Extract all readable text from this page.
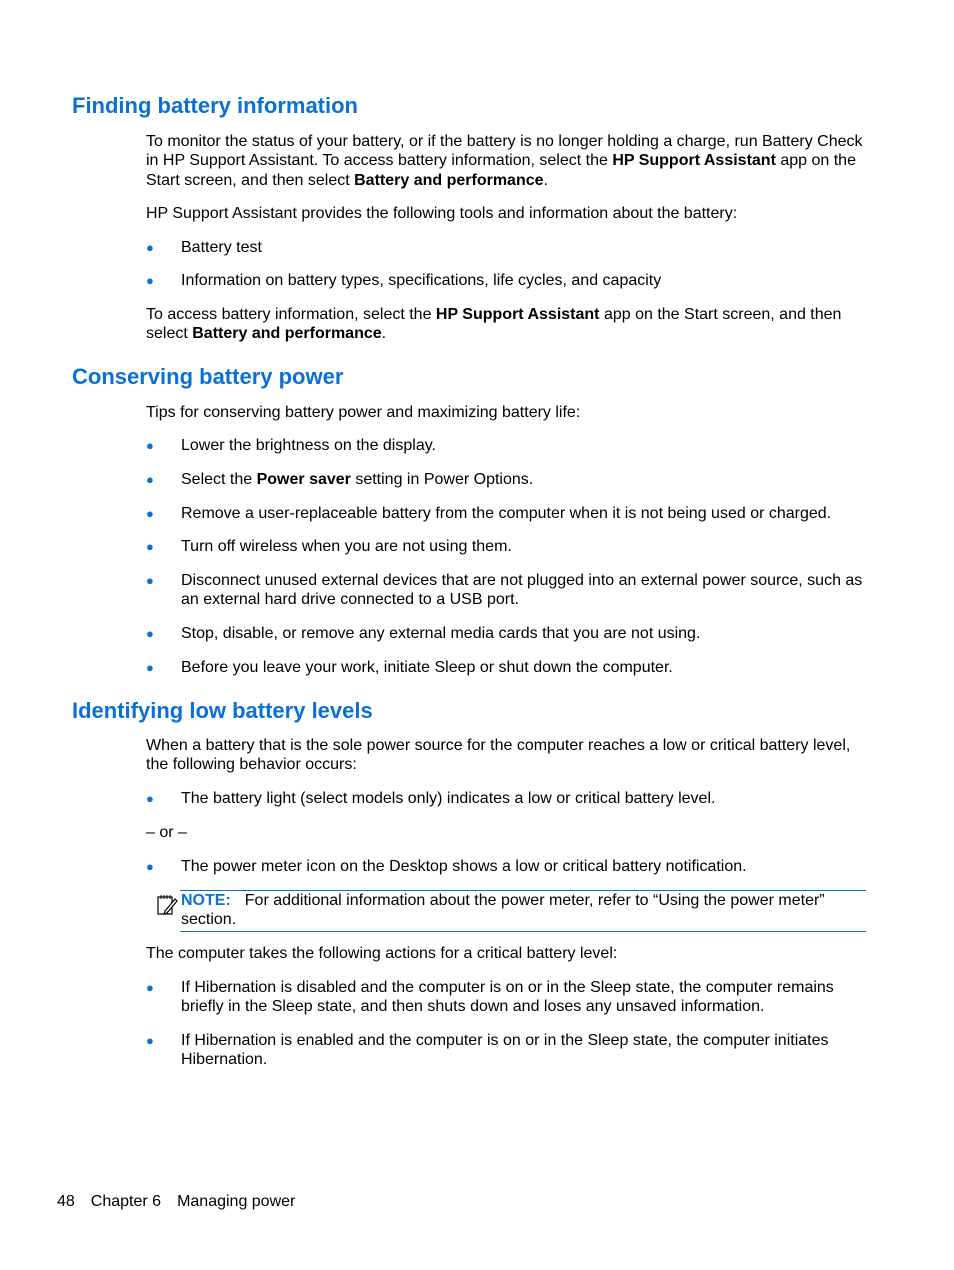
Finding battery information

To monitor the status of your battery, or if the battery is no longer holding a charge, run Battery Check in HP Support Assistant. To access battery information, select the HP Support Assistant app on the Start screen, and then select Battery and performance.

HP Support Assistant provides the following tools and information about the battery:

● Battery test
● Information on battery types, specifications, life cycles, and capacity

To access battery information, select the HP Support Assistant app on the Start screen, and then select Battery and performance.

Conserving battery power

Tips for conserving battery power and maximizing battery life:

● Lower the brightness on the display.
● Select the Power saver setting in Power Options.
● Remove a user-replaceable battery from the computer when it is not being used or charged.
● Turn off wireless when you are not using them.
● Disconnect unused external devices that are not plugged into an external power source, such as an external hard drive connected to a USB port.
● Stop, disable, or remove any external media cards that you are not using.
● Before you leave your work, initiate Sleep or shut down the computer.
Identifying low battery levels

When a battery that is the sole power source for the computer reaches a low or critical battery level, the following behavior occurs:

● The battery light (select models only) indicates a low or critical battery level.

– or –

● The power meter icon on the Desktop shows a low or critical battery notification.
NOTE: For additional information about the power meter, refer to “Using the power meter” section.

The computer takes the following actions for a critical battery level:

● If Hibernation is disabled and the computer is on or in the Sleep state, the computer remains briefly in the Sleep state, and then shuts down and loses any unsaved information.
● If Hibernation is enabled and the computer is on or in the Sleep state, the computer initiates Hibernation.
48 Chapter 6 Managing power
